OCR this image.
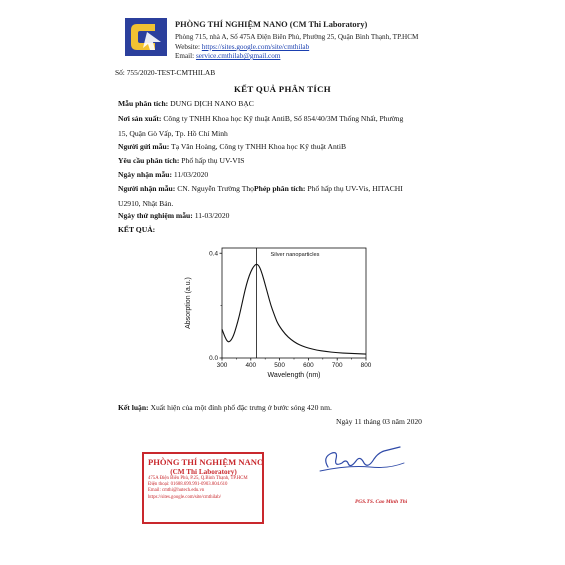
PHÒNG THÍ NGHIỆM NANO (CM Thi Laboratory)
Phòng 715, nhà A, Số 475A Điện Biên Phủ, Phường 25, Quận Bình Thạnh, TP.HCM
Website: https://sites.google.com/site/cmthilab
Email: service.cmthilab@gmail.com
Số: 755/2020-TEST-CMTHILAB
KẾT QUẢ PHÂN TÍCH
Mẫu phân tích: DUNG DỊCH NANO BẠC
Nơi sản xuất: Công ty TNHH Khoa học Kỹ thuật AntiB, Số 854/40/3M Thống Nhất, Phường
15, Quận Gò Vấp, Tp. Hồ Chí Minh
Người gửi mẫu: Tạ Văn Hoàng, Công ty TNHH Khoa học Kỹ thuật AntiB
Yêu cầu phân tích: Phổ hấp thụ UV-VIS
Ngày nhận mẫu: 11/03/2020
Người nhận mẫu: CN. Nguyễn Trường ThọPhép phân tích: Phổ hấp thụ UV-Vis, HITACHI
U2910, Nhật Bản.
Ngày thử nghiệm mẫu: 11-03/2020
KẾT QUẢ:
300	400	500	600	700	800
0.0
0.4	Silver nanoparticles
Wavelength (nm)
Absorption (a.u.)
Kết luận: Xuất hiện của một đỉnh phổ đặc trưng ở bước sóng 420 nm.
Ngày 11 tháng 03 năm 2020
PHÒNG THÍ NGHIỆM NANO
(CM Thi Laboratory)
475A Điện Biên Phủ, P.25, Q.Bình Thạnh, TP.HCM
Điện thoại: 01688.699.991-0903.804.610
Email: cmthi@hutech.edu.vn
https://sites.google.com/site/cmthilab/
PGS.TS. Cao Minh Thì
